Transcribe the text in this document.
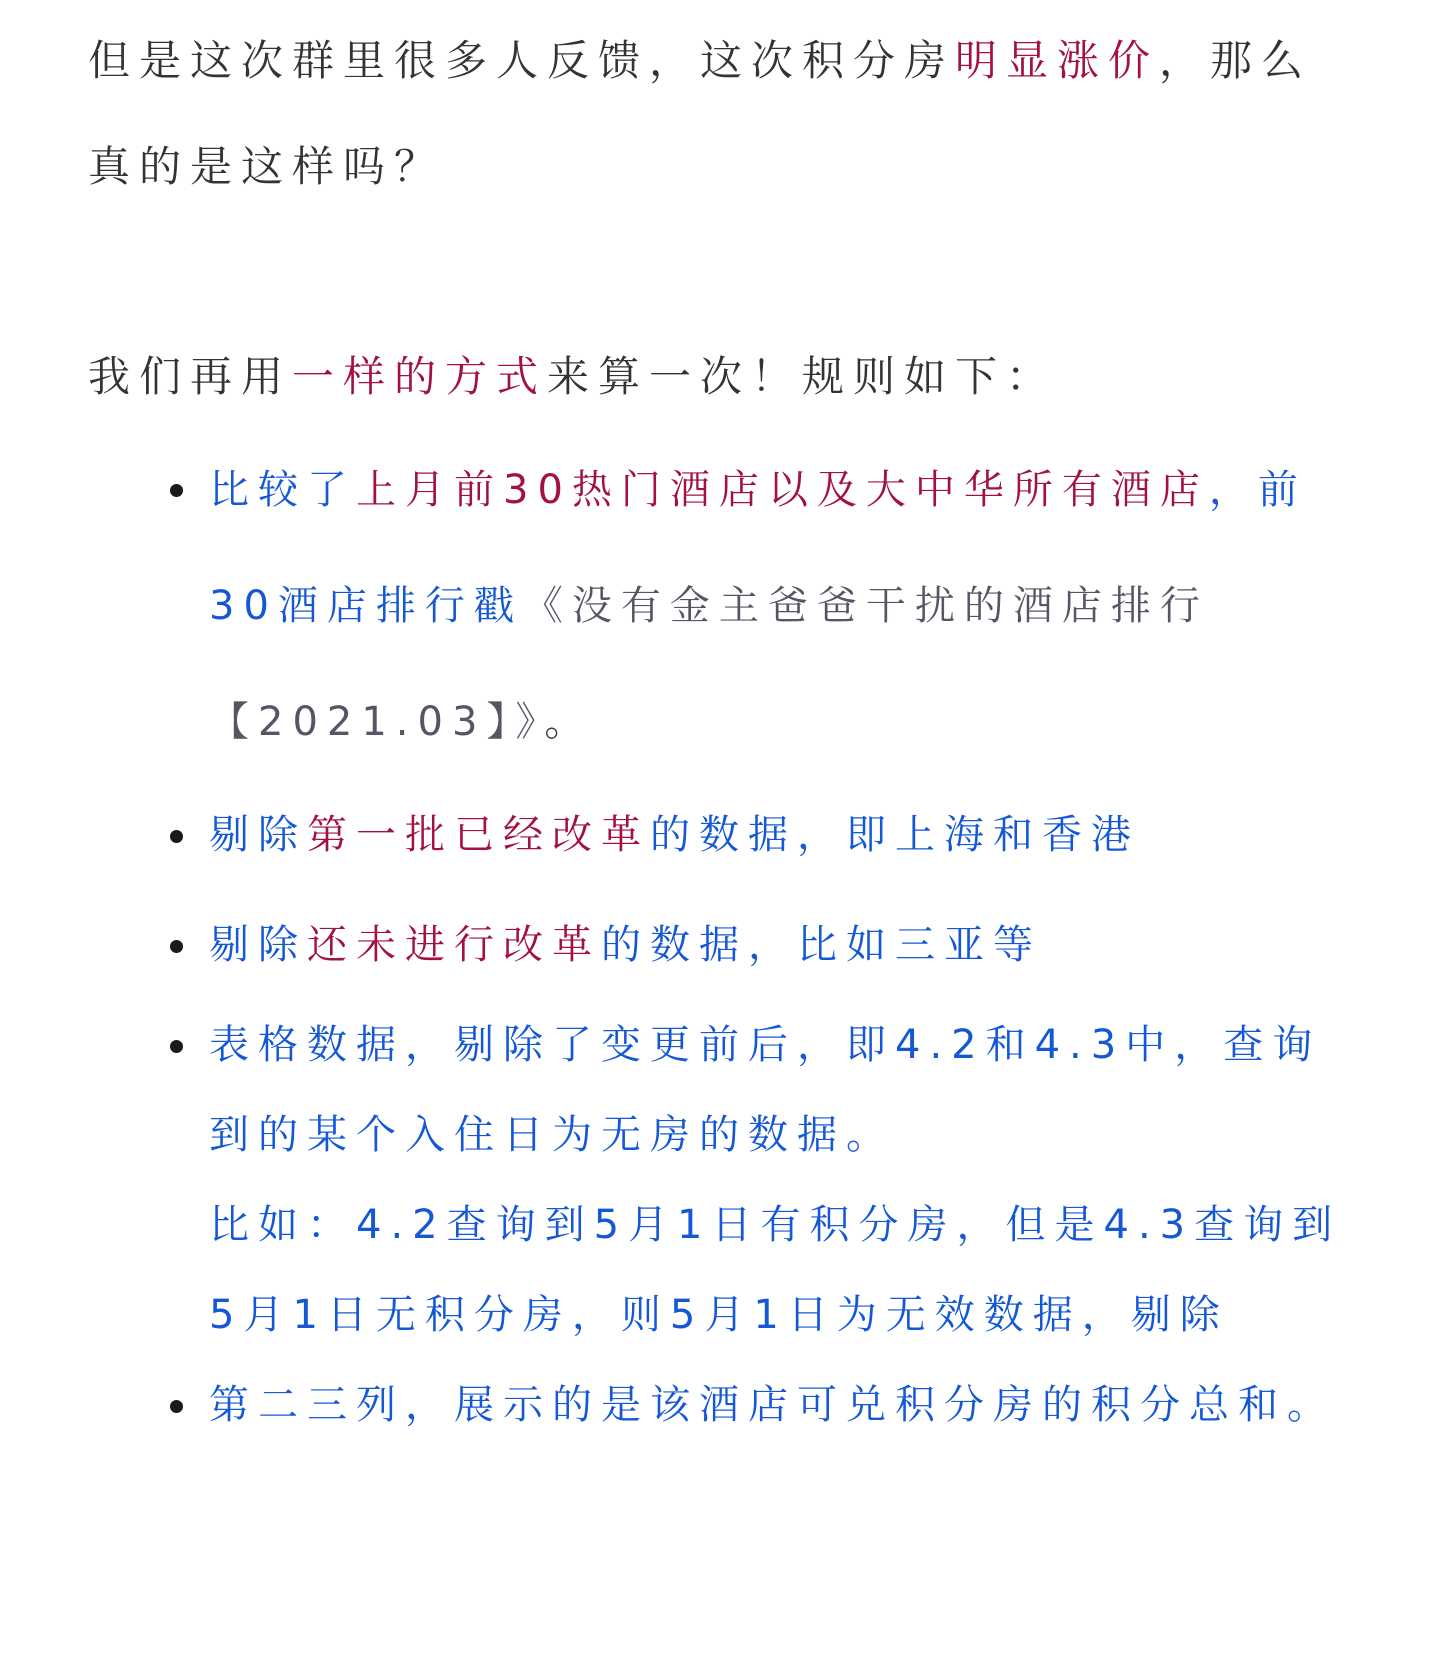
但是这次群里很多人反馈，这次积分房明显涨价，那么真的是这样吗？

我们再用一样的方式来算一次！规则如下：

比较了上月前30热门酒店以及大中华所有酒店，前30酒店排行戳《没有金主爸爸干扰的酒店排行【2021.03】》。
剔除第一批已经改革的数据，即上海和香港
剔除还未进行改革的数据，比如三亚等
表格数据，剔除了变更前后，即4.2和4.3中，查询到的某个入住日为无房的数据。
比如：4.2查询到5月1日有积分房，但是4.3查询到5月1日无积分房，则5月1日为无效数据，剔除
第二三列，展示的是该酒店可兑积分房的积分总和。
